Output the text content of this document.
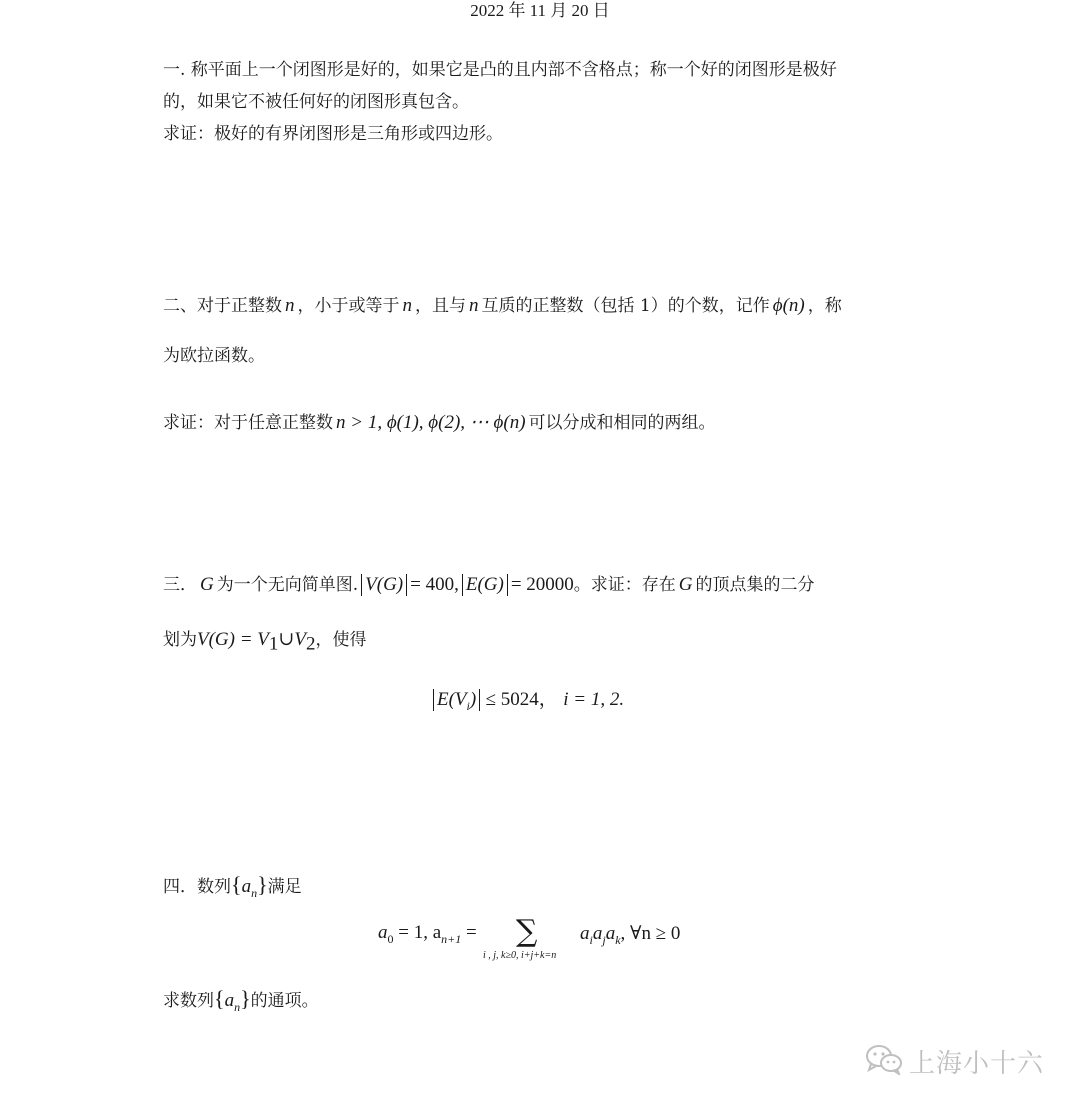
2022 年 11 月 20 日
一. 称平面上一个闭图形是好的，如果它是凸的且内部不含格点；称一个好的闭图形是极好
的，如果它不被任何好的闭图形真包含。
求证：极好的有界闭图形是三角形或四边形。
二、对于正整数 n ，小于或等于 n ，且与 n 互质的正整数（包括 1）的个数，记作 ϕ(n) ，称
为欧拉函数。
求证：对于任意正整数 n > 1, ϕ(1), ϕ(2), ⋯ ϕ(n) 可以分成和相同的两组。
三． G 为一个无向简单图. V(G) = 400, E(G) = 20000。求证：存在 G 的顶点集的二分
划为$V(G) = V_1\cup V_2$，使得
$E(V_i) \le 5024$， i = 1, 2.
四．数列$\{a_n\}$满足
$a_0 = 1$, $a_{n+1}$ = ∑
i , j, k≥0, i+j+k=n
$a_ia_ja_k$, ∀n ≥ 0
求数列$\{a_n\}$的通项。
上海小十六
